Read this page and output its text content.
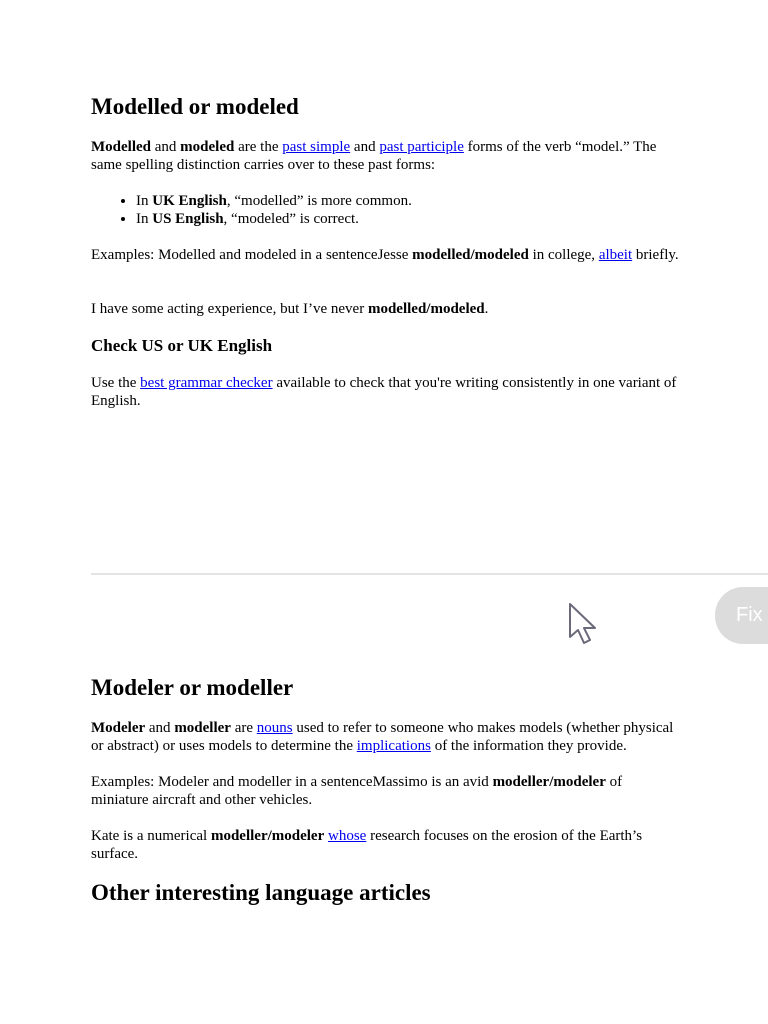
Modelled or modeled

Modelled and modeled are the past simple and past participle forms of the verb “model.” The same spelling distinction carries over to these past forms:

• In UK English, “modelled” is more common.
• In US English, “modeled” is correct.

Examples: Modelled and modeled in a sentenceJesse modelled/modeled in college, albeit briefly.

I have some acting experience, but I’ve never modelled/modeled.

Check US or UK English

Use the best grammar checker available to check that you're writing consistently in one variant of English.

Modeler or modeller

Modeler and modeller are nouns used to refer to someone who makes models (whether physical or abstract) or uses models to determine the implications of the information they provide.

Examples: Modeler and modeller in a sentenceMassimo is an avid modeller/modeler of miniature aircraft and other vehicles.

Kate is a numerical modeller/modeler whose research focuses on the erosion of the Earth’s surface.

Other interesting language articles
Fix
